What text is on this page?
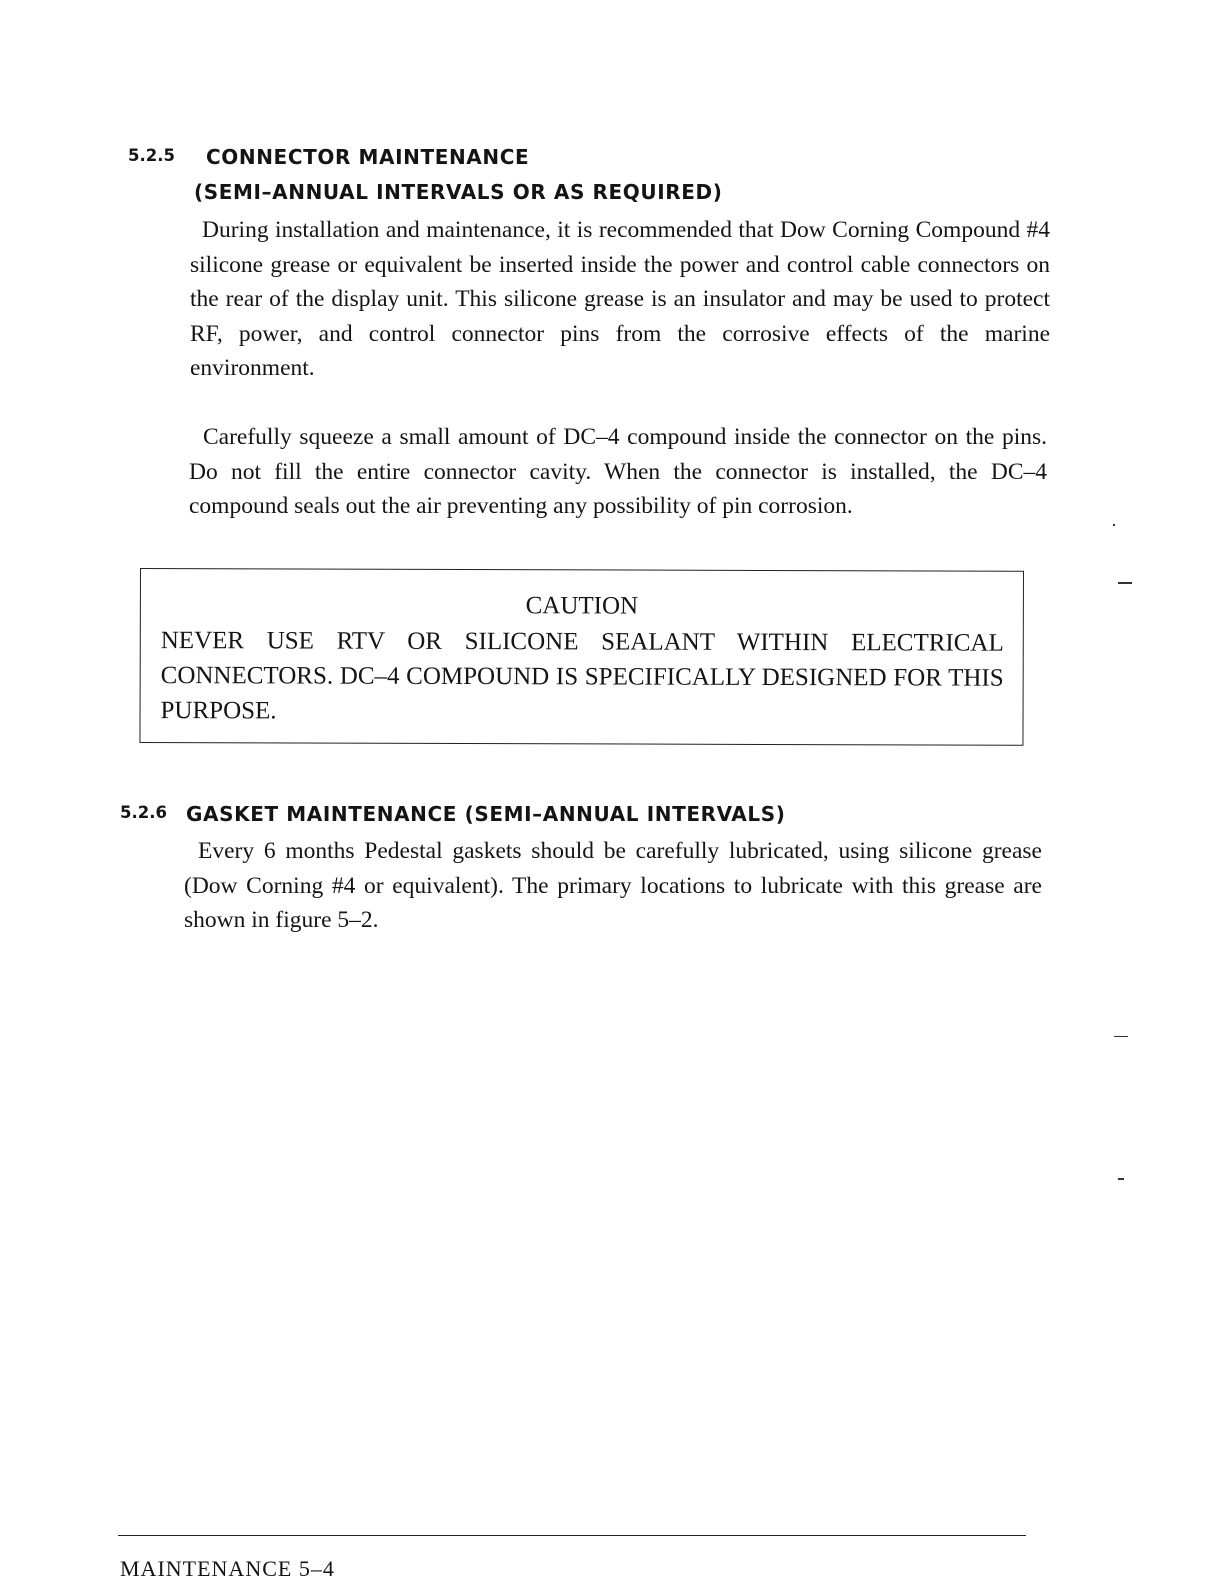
5.2.5 CONNECTOR MAINTENANCE
(SEMI–ANNUAL INTERVALS OR AS REQUIRED)

During installation and maintenance, it is recommended that Dow Corning Compound #4 silicone grease or equivalent be inserted inside the power and control cable connectors on the rear of the display unit. This silicone grease is an insulator and may be used to protect RF, power, and control connector pins from the corrosive effects of the marine environment.

Carefully squeeze a small amount of DC–4 compound inside the connector on the pins. Do not fill the entire connector cavity. When the connector is installed, the DC–4 compound seals out the air preventing any possibility of pin corrosion.

CAUTION

NEVER USE RTV OR SILICONE SEALANT WITHIN ELECTRICAL CONNECTORS. DC–4 COMPOUND IS SPECIFICALLY DESIGNED FOR THIS PURPOSE.

5.2.6 GASKET MAINTENANCE (SEMI–ANNUAL INTERVALS)

Every 6 months Pedestal gaskets should be carefully lubricated, using silicone grease (Dow Corning #4 or equivalent). The primary locations to lubricate with this grease are shown in figure 5–2.

MAINTENANCE 5–4
